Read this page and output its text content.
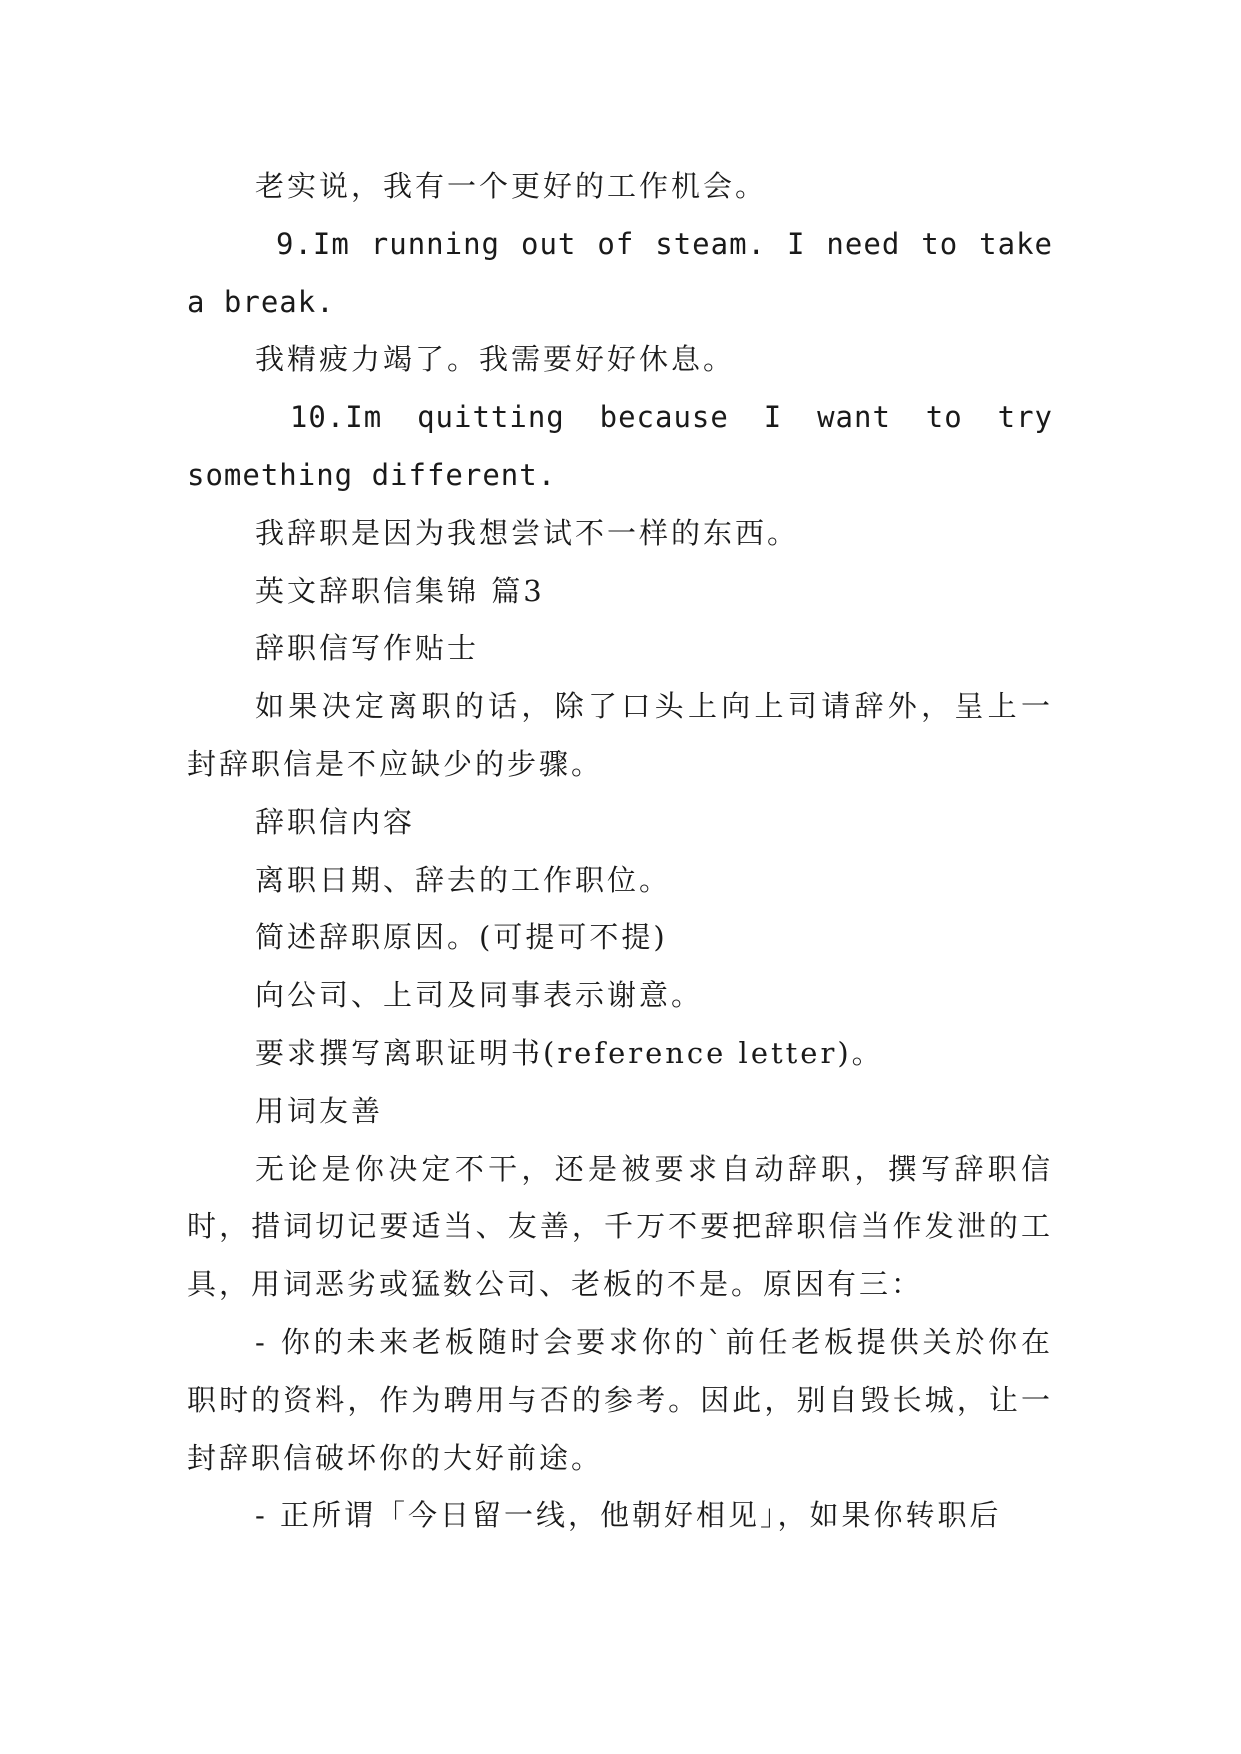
老实说，我有一个更好的工作机会。

9.Im running out of steam. I need to take a break.

我精疲力竭了。我需要好好休息。

10.Im quitting because I want to try something different.

我辞职是因为我想尝试不一样的东西。

英文辞职信集锦 篇3

辞职信写作贴士

如果决定离职的话，除了口头上向上司请辞外，呈上一封辞职信是不应缺少的步骤。

辞职信内容

离职日期、辞去的工作职位。

简述辞职原因。(可提可不提)

向公司、上司及同事表示谢意。

要求撰写离职证明书(reference letter)。

用词友善

无论是你决定不干，还是被要求自动辞职，撰写辞职信时，措词切记要适当、友善，千万不要把辞职信当作发泄的工具，用词恶劣或猛数公司、老板的不是。原因有三：

- 你的未来老板随时会要求你的`前任老板提供关於你在职时的资料，作为聘用与否的参考。因此，别自毁长城，让一封辞职信破坏你的大好前途。

- 正所谓「今日留一线，他朝好相见」，如果你转职后
